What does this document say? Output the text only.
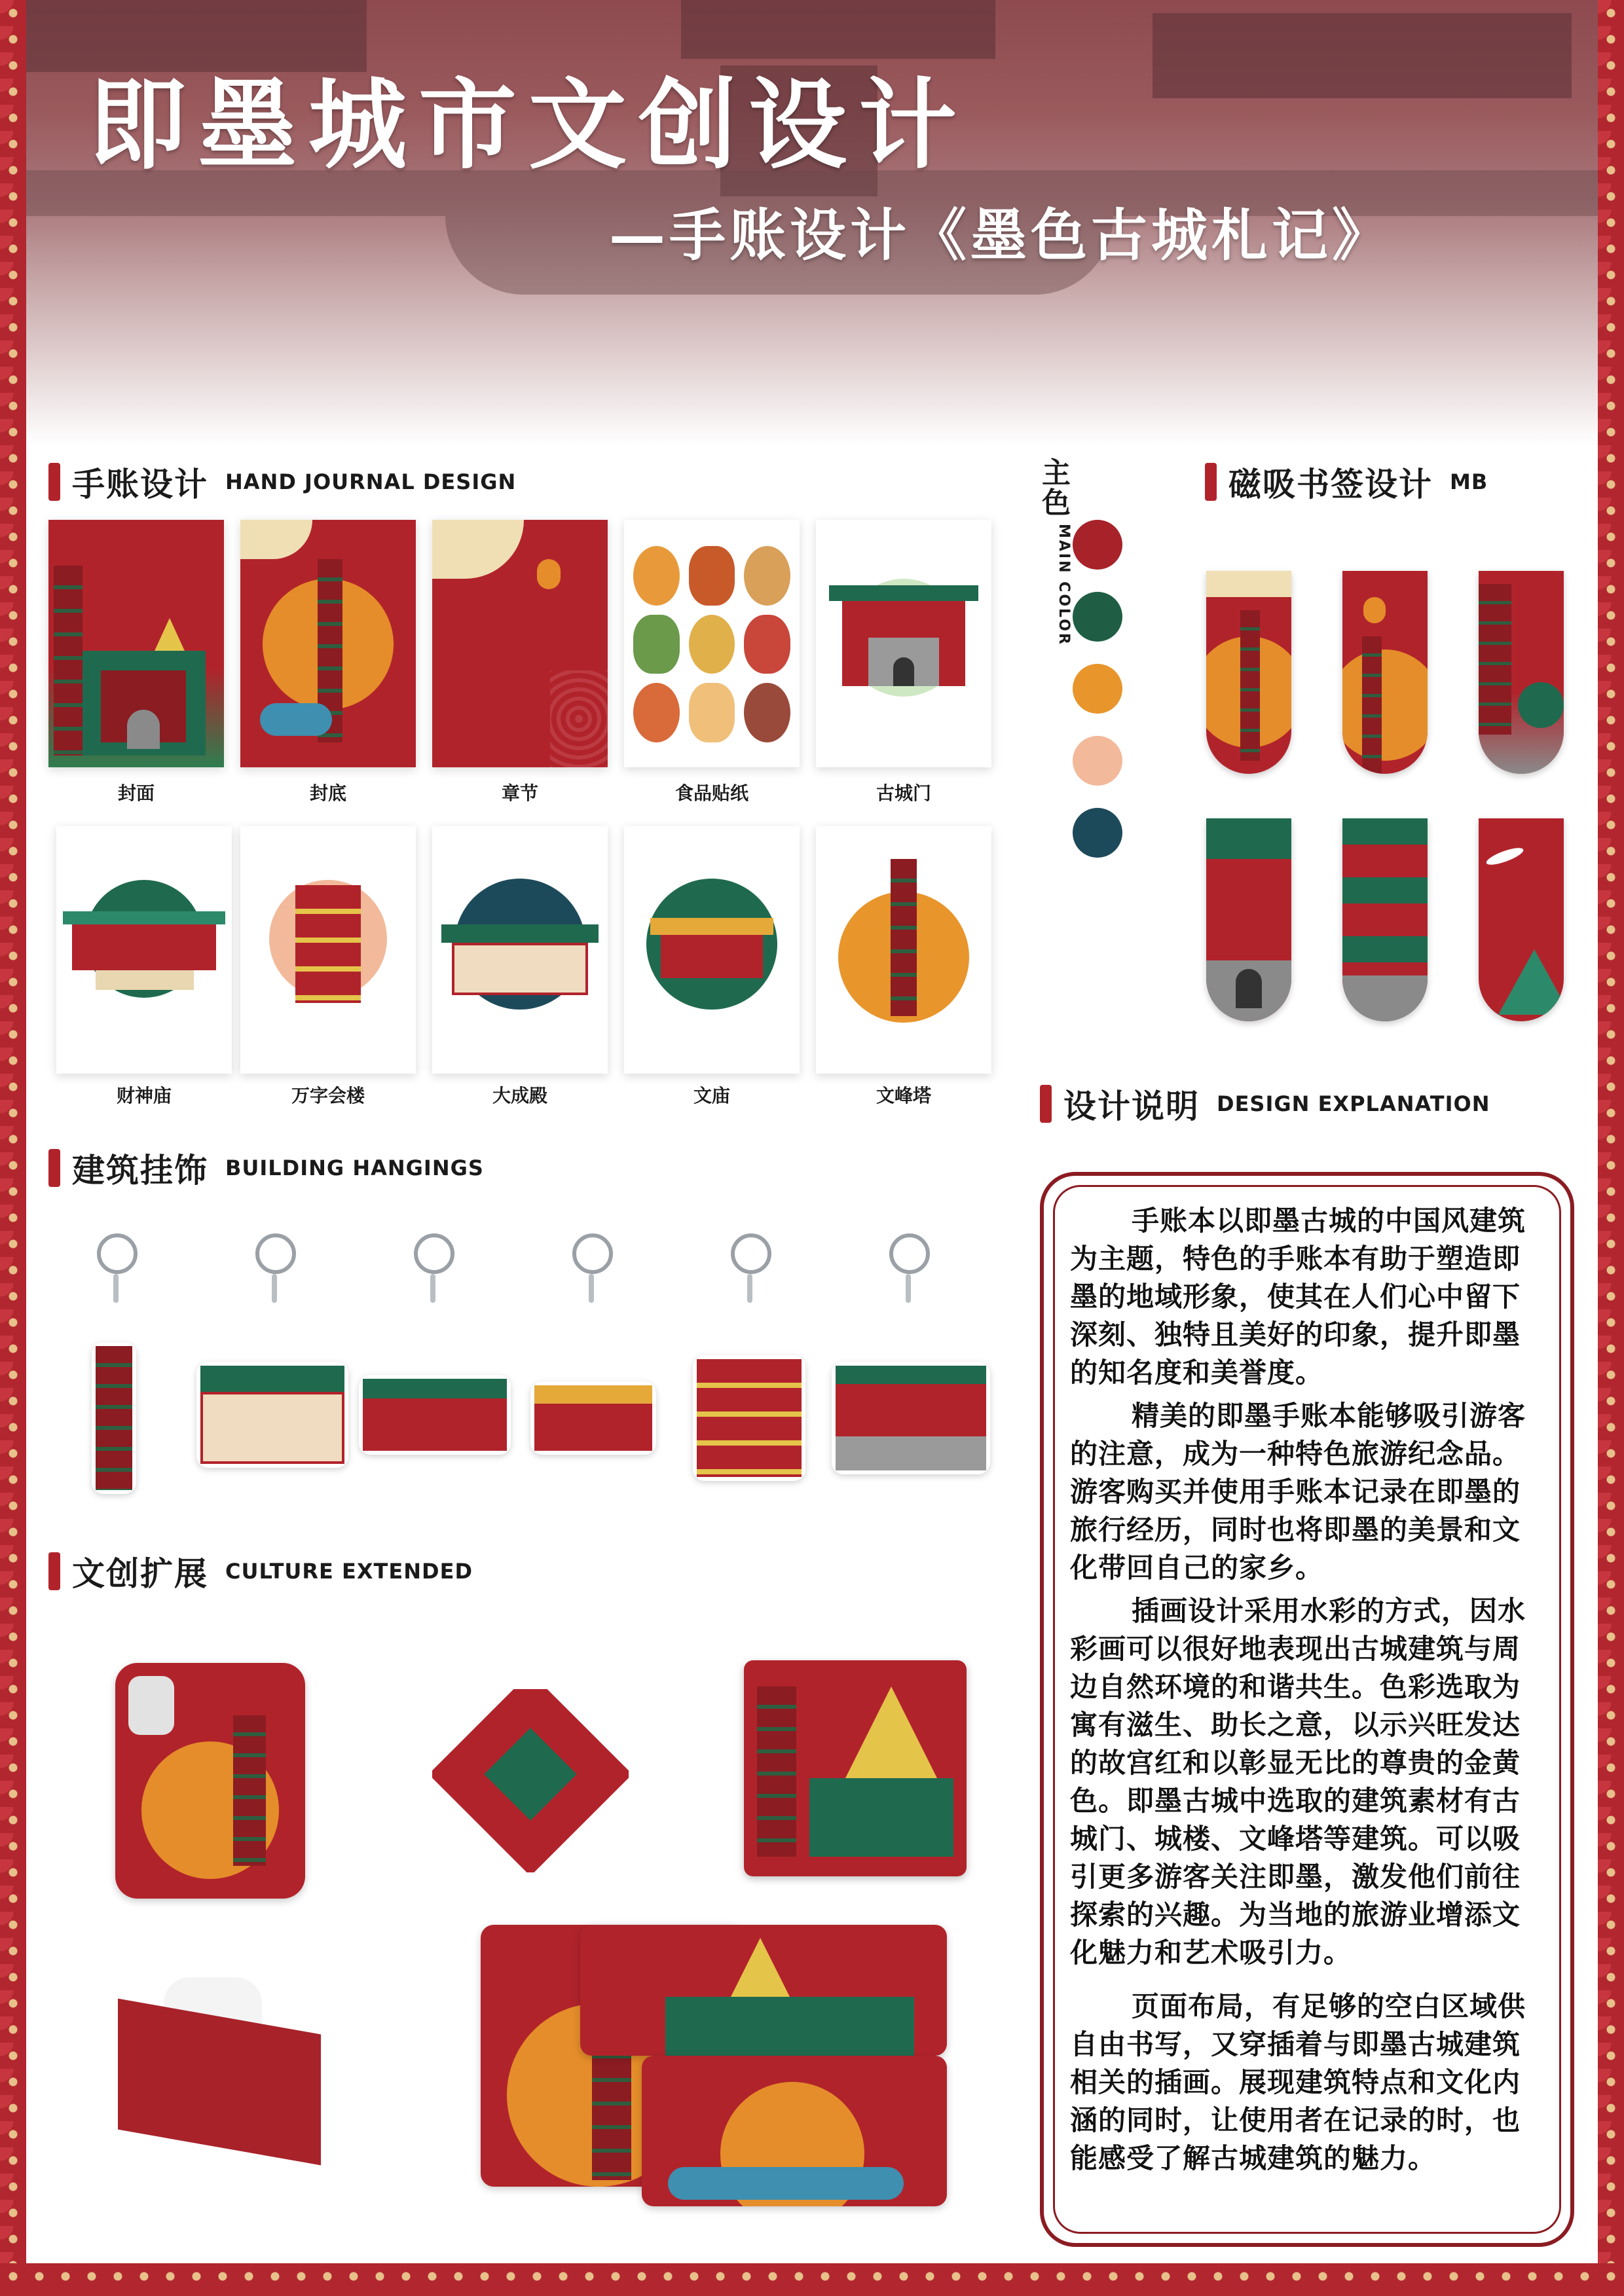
即墨城市文创设计
—手账设计《墨色古城札记》
手账设计 HAND JOURNAL DESIGN
封面	封底	章节	食品贴纸	古城门
财神庙	万字会楼	大成殿	文庙	文峰塔
主色
MAIN COLOR
磁吸书签设计 MB
设计说明 DESIGN EXPLANATION
手账本以即墨古城的中国风建筑为主题，特色的手账本有助于塑造即墨的地域形象，使其在人们心中留下深刻、独特且美好的印象，提升即墨的知名度和美誉度。
精美的即墨手账本能够吸引游客的注意，成为一种特色旅游纪念品。游客购买并使用手账本记录在即墨的旅行经历，同时也将即墨的美景和文化带回自己的家乡。
插画设计采用水彩的方式，因水彩画可以很好地表现出古城建筑与周边自然环境的和谐共生。色彩选取为寓有滋生、助长之意，以示兴旺发达的故宫红和以彰显无比的尊贵的金黄色。即墨古城中选取的建筑素材有古城门、城楼、文峰塔等建筑。可以吸引更多游客关注即墨，激发他们前往探索的兴趣。为当地的旅游业增添文化魅力和艺术吸引力。
页面布局，有足够的空白区域供自由书写，又穿插着与即墨古城建筑相关的插画。展现建筑特点和文化内涵的同时，让使用者在记录的时，也能感受了解古城建筑的魅力。
建筑挂饰 BUILDING HANGINGS
文创扩展 CULTURE EXTENDED
